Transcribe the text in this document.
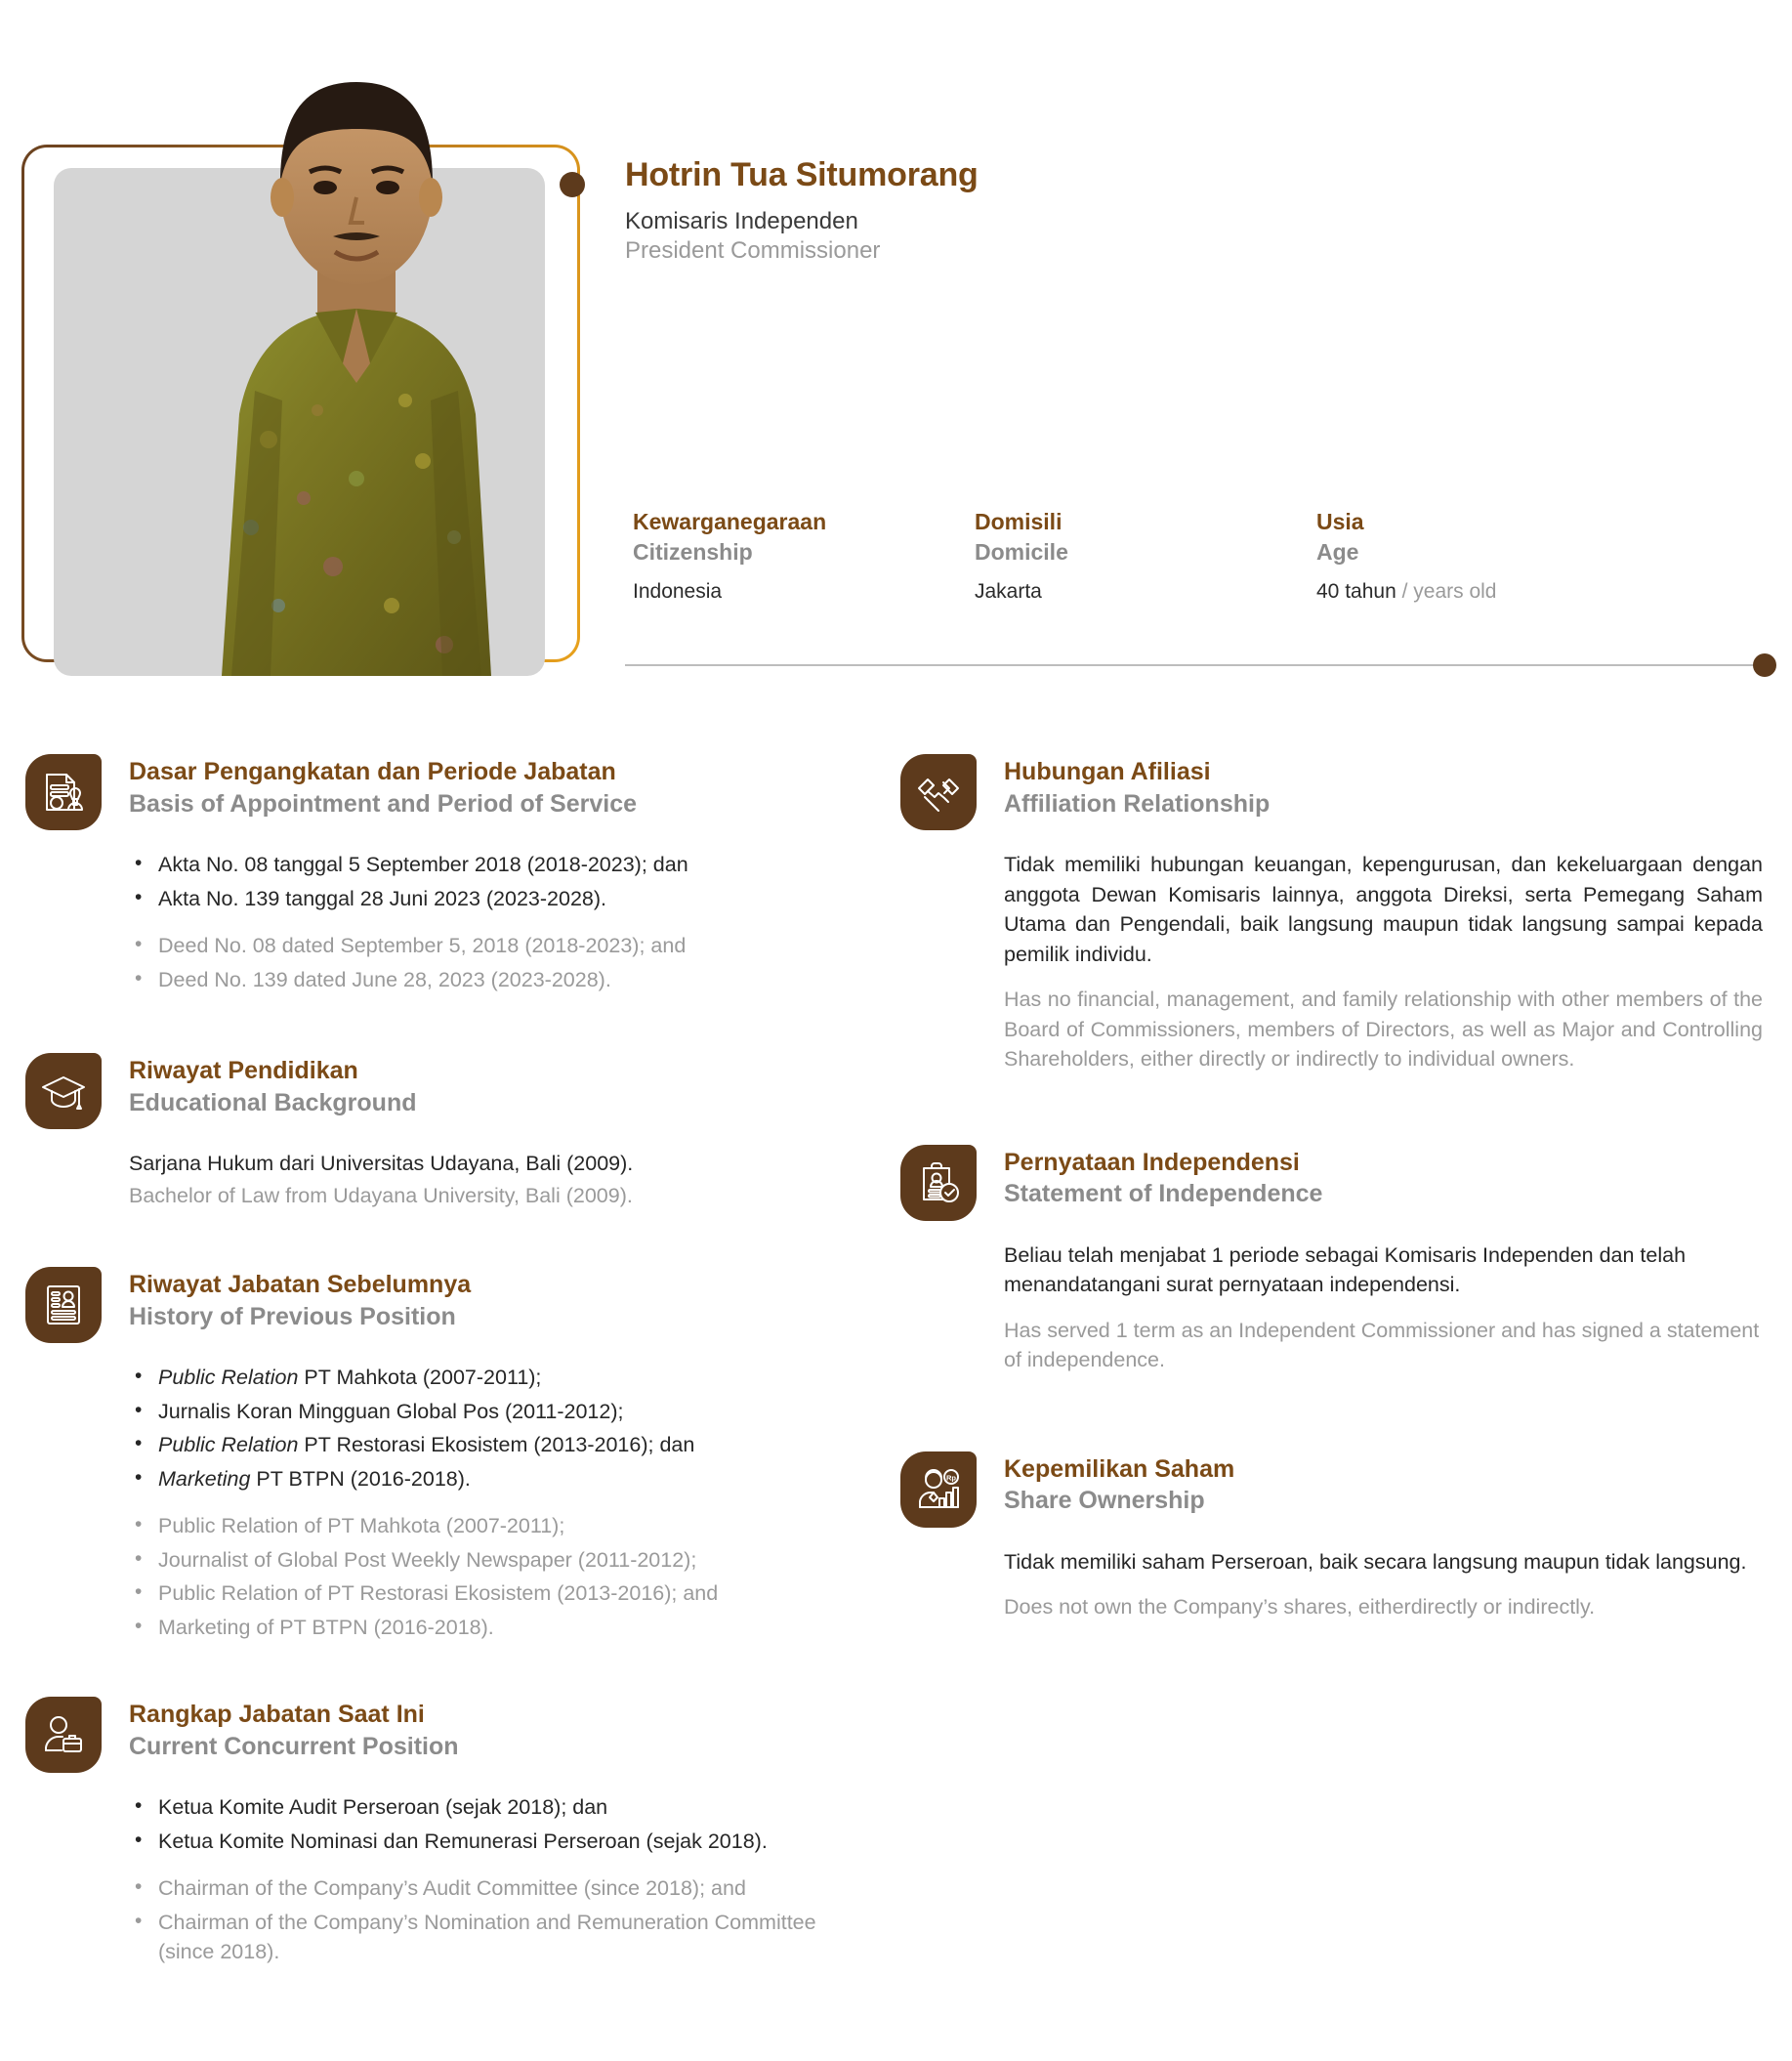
Hotrin Tua Situmorang
Komisaris Independen
President Commissioner
Kewarganegaraan
Citizenship
Indonesia
Domisili
Domicile
Jakarta
Usia
Age
40 tahun / years old
Dasar Pengangkatan dan Periode Jabatan
Basis of Appointment and Period of Service
• Akta No. 08 tanggal 5 September 2018 (2018-2023); dan
• Akta No. 139 tanggal 28 Juni 2023 (2023-2028).
• Deed No. 08 dated September 5, 2018 (2018-2023); and
• Deed No. 139 dated June 28, 2023 (2023-2028).
Riwayat Pendidikan
Educational Background

Sarjana Hukum dari Universitas Udayana, Bali (2009).

Bachelor of Law from Udayana University, Bali (2009).

Riwayat Jabatan Sebelumnya
History of Previous Position
• Public Relation PT Mahkota (2007-2011);
• Jurnalis Koran Mingguan Global Pos (2011-2012);
• Public Relation PT Restorasi Ekosistem (2013-2016); dan
• Marketing PT BTPN (2016-2018).
• Public Relation of PT Mahkota (2007-2011);
• Journalist of Global Post Weekly Newspaper (2011-2012);
• Public Relation of PT Restorasi Ekosistem (2013-2016); and
• Marketing of PT BTPN (2016-2018).
Rangkap Jabatan Saat Ini
Current Concurrent Position
• Ketua Komite Audit Perseroan (sejak 2018); dan
• Ketua Komite Nominasi dan Remunerasi Perseroan (sejak 2018).
• Chairman of the Company’s Audit Committee (since 2018); and
• Chairman of the Company’s Nomination and Remuneration Committee (since 2018).
Hubungan Afiliasi
Affiliation Relationship

Tidak memiliki hubungan keuangan, kepengurusan, dan kekeluargaan dengan anggota Dewan Komisaris lainnya, anggota Direksi, serta Pemegang Saham Utama dan Pengendali, baik langsung maupun tidak langsung sampai kepada pemilik individu.

Has no financial, management, and family relationship with other members of the Board of Commissioners, members of Directors, as well as Major and Controlling Shareholders, either directly or indirectly to individual owners.

Pernyataan Independensi
Statement of Independence

Beliau telah menjabat 1 periode sebagai Komisaris Independen dan telah menandatangani surat pernyataan independensi.

Has served 1 term as an Independent Commissioner and has signed a statement of independence.

Rp Kepemilikan Saham
Share Ownership

Tidak memiliki saham Perseroan, baik secara langsung maupun tidak langsung.

Does not own the Company’s shares, eitherdirectly or indirectly.
